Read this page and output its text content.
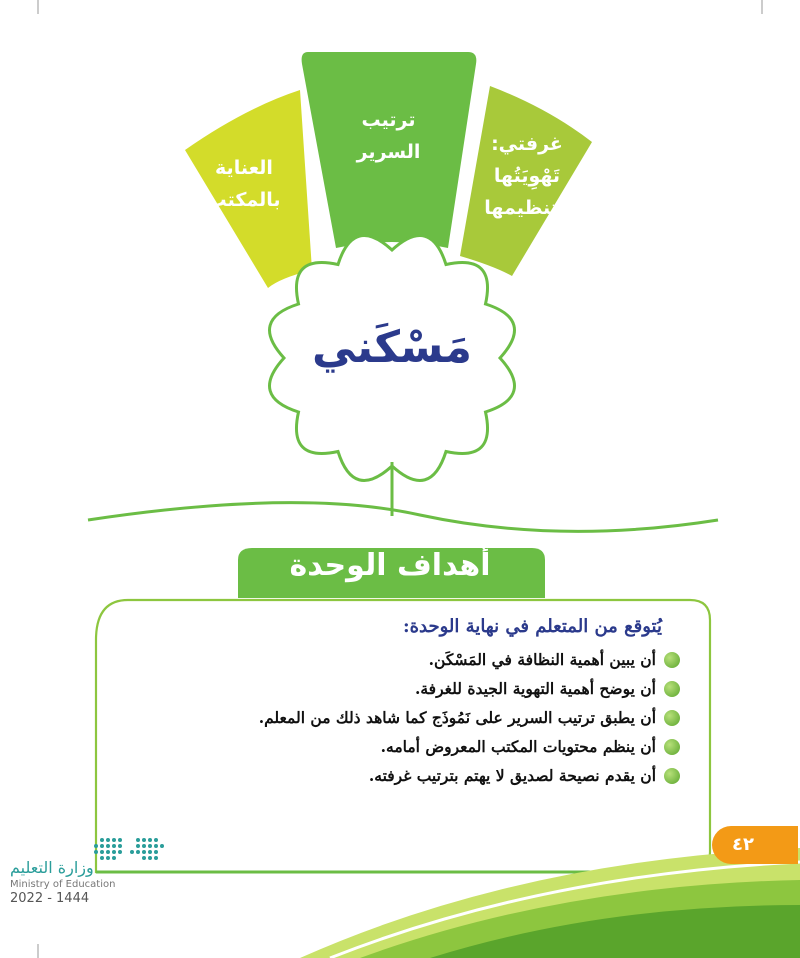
غرفتي: تَهْوِيَتُها وتنظيمها
ترتيب السرير
العناية بالمكتب
مَسْكَني
أهداف الوحدة
يُتوقع من المتعلم في نهاية الوحدة:
أن يبين أهمية النظافة في المَسْكَن.
أن يوضح أهمية التهوية الجيدة للغرفة.
أن يطبق ترتيب السرير على نَمُوذَج كما شاهد ذلك من المعلم.
أن ينظم محتويات المكتب المعروض أمامه.
أن يقدم نصيحة لصديق لا يهتم بترتيب غرفته.
٤٢
وزارة التعليم
Ministry of Education
2022 - 1444
